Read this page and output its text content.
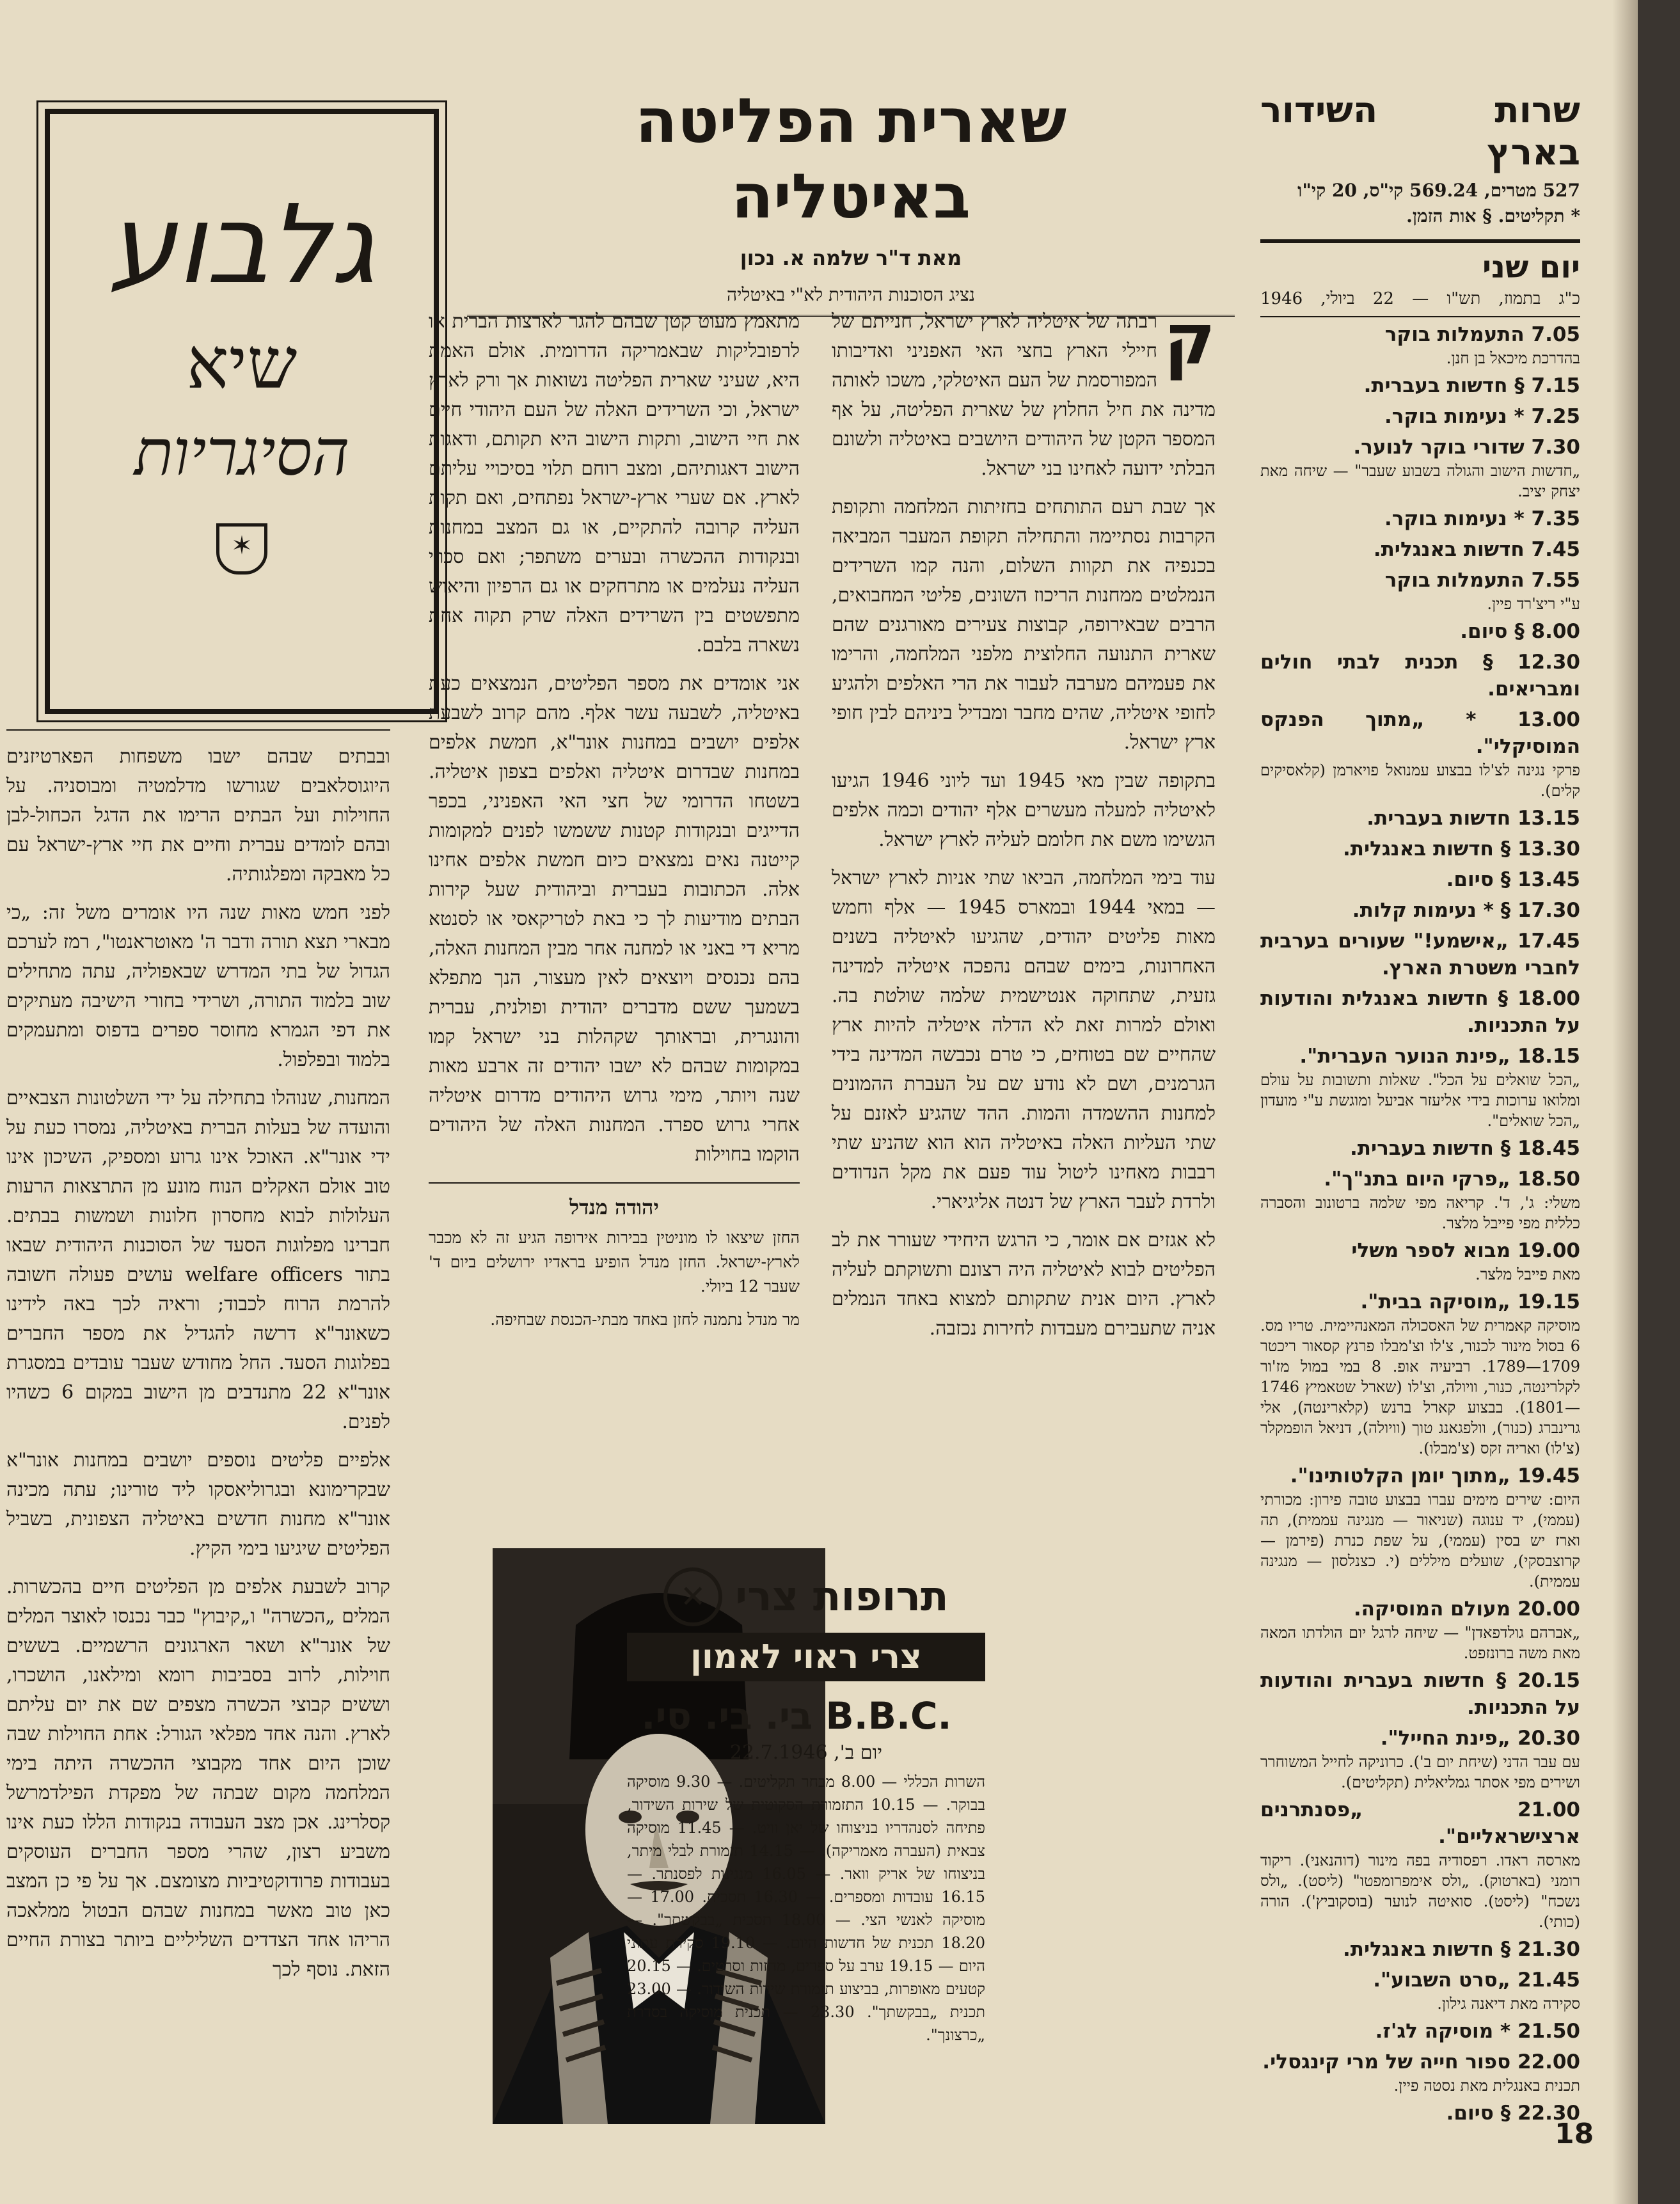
שרות השידור בארץ
527 מטרים, 569.24 קי"ס, 20 קי"ו
* תקליטים. § אות הזמן.
יום שני
כ"ג בתמוז, תש"ו — 22 ביולי, 1946
7.05 התעמלות בוקר
בהדרכת מיכאל בן חנן.
7.15 § חדשות בעברית.
7.25 * נעימות בוקר.
7.30 שדורי בוקר לנוער.
„חדשות הישוב והגולה בשבוע שעבר" — שיחה מאת יצחק יציב.
7.35 * נעימות בוקר.
7.45 חדשות באנגלית.
7.55 התעמלות בוקר
ע"י ריצ'רד פיין.
8.00 § סיום.
12.30 § תכנית לבתי חולים ומבריאים.
13.00 * „מתוך הפנקס המוסיקלי".
פרקי נגינה לצ'לו בבצוע עמנואל פויארמן (קלאסיקים קלים).
13.15 חדשות בעברית.
13.30 § חדשות באנגלית.
13.45 § סיום.
17.30 § * נעימות קלות.
17.45 „אישמע!" שעורים בערבית לחברי משטרת הארץ.
18.00 § חדשות באנגלית והודעות על התכניות.
18.15 „פינת הנוער העברית".
„הכל שואלים על הכל". שאלות ותשובות על עולם ומלואו ערוכות בידי אליעזר אביעל ומוגשת ע"י מועדון „הכל שואלים".
18.45 § חדשות בעברית.
18.50 „פרקי היום בתנ"ך".
משלי: ג', ד'. קריאה מפי שלמה ברטונוב והסברה כללית מפי פייבל מלצר.
19.00 מבוא לספר משלי
מאת פייבל מלצר.
19.15 „מוסיקה בבית".
מוסיקה קאמרית של האסכולה המאנהיימית. טריו מס. 6 בסול מינור לכנור, צ'לו וצ'מבלו פרנץ קסאור ריכטר 1709—1789. רביעיה אופ. 8 במי במול מז'ור לקלרינטה, כנור, וויולה, וצ'לו (שארל שטאמיץ 1746—1801). בבצוע קארל ברנש (קלארינטה), אלי גרינברג (כנור), וולפגאנג טוך (וויולה), דניאל הופמקלר (צ'לו) ואריה זקס (צ'מבלו).
19.45 „מתוך יומן הקלטותינו".
היום: שירים מימים עברו בבצוע טובה פירון: מכורתי (עממי), יד ענוגה (שניאור — מנגינה עממית), תה וארז יש בסין (עממי), על שפת כנרת (פירמן — קרוצבסקי), שועלים מיללים (י. כצנלסון — מנגינה עממית).
20.00 מעולם המוסיקה.
„אברהם גולדפאדן" — שיחה לרגל יום הולדתו המאה מאת משה ברונזפט.
20.15 § חדשות בעברית והודעות על התכניות.
20.30 „פינת החייל".
עם עבר הדני (שיחת יום ב'). כרוניקה לחייל המשוחרר ושירים מפי אסתר גמליאלית (תקליטים).
21.00 „פסנתרנים ארצישראליים".
מארסה ראדו. רפסודיה בפה מינור (דוהנאני). ריקוד רומני (בארטוק). „ולס אימפרומפטו" (ליסט). „ולס נשכח" (ליסט). סואיטה לנוער (בוסקוביץ'). הורה (כותי).
21.30 § חדשות באנגלית.
21.45 „סרט השבוע".
סקירה מאת דיאנה גילון.
21.50 * מוסיקה לג'ז.
22.00 ספור חייה של מרי קינגסלי.
תכנית באנגלית מאת נסטה פיין.
22.30 § סיום.
18
שארית הפליטה
באיטליה
מאת ד"ר שלמה א. נכון
נציג הסוכנות היהודית לא"י באיטליה
ק

רבתה של איטליה לארץ ישראל, חנייתם של חיילי הארץ בחצי האי האפניני ואדיבותו המפורסמת של העם האיטלקי, משכו לאותה מדינה את חיל החלוץ של שארית הפליטה, על אף המספר הקטן של היהודים היושבים באיטליה ולשונם הבלתי ידועה לאחינו בני ישראל.

אך שבת רעם התותחים בחזיתות המלחמה ותקופת הקרבות נסתיימה והתחילה תקופת המעבר המביאה בכנפיה את תקוות השלום, והנה קמו השרידים הנמלטים ממחנות הריכוז השונים, פליטי המחבואים, הרבים שבאירופה, קבוצות צעירים מאורגנים שהם שארית התנועה החלוצית מלפני המלחמה, והרימו את פעמיהם מערבה לעבור את הרי האלפים ולהגיע לחופי איטליה, שהים מחבר ומבדיל ביניהם לבין חופי ארץ ישראל.

בתקופה שבין מאי 1945 ועד ליוני 1946 הגיעו לאיטליה למעלה מעשרים אלף יהודים וכמה אלפים הגשימו משם את חלומם לעליה לארץ ישראל.

עוד בימי המלחמה, הביאו שתי אניות לארץ ישראל — במאי 1944 ובמארס 1945 — אלף וחמש מאות פליטים יהודים, שהגיעו לאיטליה בשנים האחרונות, בימים שבהם נהפכה איטליה למדינה גזעית, שתחוקה אנטישמית שלמה שולטת בה. ואולם למרות זאת לא הדלה איטליה להיות ארץ שהחיים שם בטוחים, כי טרם נכבשה המדינה בידי הגרמנים, ושם לא נודע שם על העברת ההמונים למחנות ההשמדה והמות. ההד שהגיע לאזנם על שתי העליות האלה באיטליה הוא הוא שהניע שתי רבבות מאחינו ליטול עוד פעם את מקל הנדודים ולרדת לעבר הארץ של דנטה אליגיארי.

לא אגזים אם אומר, כי הרגש היחידי שעורר את לב הפליטים לבוא לאיטליה היה רצונם ותשוקתם לעליה לארץ. היום אנית שתקותם למצוא באחד הנמלים אניה שתעבירם מעבדות לחירות נכזבה.

מתאמץ מעוט קטן שבהם להגר לארצות הברית או לרפובליקות שבאמריקה הדרומית. אולם האמת היא, שעיני שארית הפליטה נשואות אך ורק לארץ ישראל, וכי השרידים האלה של העם היהודי חיים את חיי הישוב, ותקות הישוב היא תקותם, ודאגות הישוב דאגותיהם, ומצב רוחם תלוי בסיכויי עליתם לארץ. אם שערי ארץ-ישראל נפתחים, ואם תקות העליה קרובה להתקיים, או גם המצב במחנות ובנקודות ההכשרה ובערים משתפר; ואם סכויי העליה נעלמים או מתרחקים או גם הרפיון והיאוש מתפשטים בין השרידים האלה שרק תקוה אחת נשארה בלבם.

אני אומדים את מספר הפליטים, הנמצאים כעת באיטליה, לשבעה עשר אלף. מהם קרוב לשבעת אלפים יושבים במחנות אונר"א, חמשת אלפים במחנות שבדרום איטליה ואלפים בצפון איטליה. בשטחו הדרומי של חצי האי האפניני, בכפר הדייגים ובנקודות קטנות ששמשו לפנים למקומות קייטנה נאים נמצאים כיום חמשת אלפים אחינו אלה. הכתובות בעברית וביהודית שעל קירות הבתים מודיעות לך כי באת לטריקאסי או לסנטא מריא די באני או למחנה אחר מבין המחנות האלה, בהם נכנסים ויוצאים לאין מעצור, הנך מתפלא בשמעך ששם מדברים יהודית ופולנית, עברית והונגרית, ובראותך שקהלות בני ישראל קמו במקומות שבהם לא ישבו יהודים זה ארבע מאות שנה ויותר, מימי גרוש היהודים מדרום איטליה אחרי גרוש ספרד. המחנות האלה של היהודים הוקמו בחוילות

יהודה מנדל

החזן שיצאו לו מוניטין בבירות אירופה הגיע זה לא מכבר לארץ-ישראל. החזן מנדל הופיע בראדיו ירושלים ביום ד' שעבר 12 ביולי.

מר מנדל נתמנה לחזן באחד מבתי-הכנסת שבחיפה.

תרופות צרי
✕
צרי ראוי לאמון
B.B.C. בי. בי. סי.
יום ב', 22.7.1946
השרות הכללי — 8.00 מבחר תקליטים. — 9.30 מוסיקה בבוקר. — 10.15 התזמורת הסקוטית של שירות השידור, פתיחה לסנהדריו בניצוחו של יאן וויט. — 11.45 מוסיקה צבאית (העברה מאמריקה). — 14.15 תזמורת לבלי מיתר, בניצוחו של אריק וואר. — 16.05 מנגינות לפסנתר. — 16.15 עובדות ומספרים. — 16.30 תסכית. 17.00 — מוסיקה לאנשי הצי. — 18.00 תסכית „בבקשתך". — 18.20 תכנית של חדשות היום. — 19.10 סקירת עתוני היום — 19.15 ערב על ספרים, מחזות וסרטים. — 20.15 קטעים מאופרות, בביצוע תזמורת שירות השידור. — 23.00 תכנית „בבקשתך". 23.30 — תכנית מוסיקה בסדרת „כרצונך".
גלבוע
שיא
הסיגריות
✶

ובבתים שבהם ישבו משפחות הפארטיזנים היוגוסלאבים שגורשו מדלמטיה ומבוסניה. על החוילות ועל הבתים הרימו את הדגל הכחול-לבן ובהם לומדים עברית וחיים את חיי ארץ-ישראל עם כל מאבקה ומפלגותיה.

לפני חמש מאות שנה היו אומרים משל זה: „כי מבארי תצא תורה ודבר ה' מאוטראנטו", רמז לערכם הגדול של בתי המדרש שבאפוליה, עתה מתחילים שוב בלמוד התורה, ושרידי בחורי הישיבה מעתיקים את דפי הגמרא מחוסר ספרים בדפוס ומתעמקים בלמוד ובפלפול.

המחנות, שנוהלו בתחילה על ידי השלטונות הצבאיים והועדה של בעלות הברית באיטליה, נמסרו כעת על ידי אונר"א. האוכל אינו גרוע ומספיק, השיכון אינו טוב אולם האקלים הנוח מונע מן התרצאות הרעות העלולות לבוא מחסרון חלונות ושמשות בבתים. חברינו מפלוגות הסעד של הסוכנות היהודית שבאו בתור welfare officers עושים פעולה חשובה להרמת הרוח לכבוד; וראיה לכך באה לידינו כשאונר"א דרשה להגדיל את מספר החברים בפלוגות הסעד. החל מחודש שעבר עובדים במסגרת אונר"א 22 מתנדבים מן הישוב במקום 6 כשהיו לפנים.

אלפיים פליטים נוספים יושבים במחנות אונר"א שבקרימונא ובגרוליאסקו ליד טורינו; עתה מכינה אונר"א מחנות חדשים באיטליה הצפונית, בשביל הפליטים שיגיעו בימי הקיץ.

קרוב לשבעת אלפים מן הפליטים חיים בהכשרות. המלים „הכשרה" ו„קיבוץ" כבר נכנסו לאוצר המלים של אונר"א ושאר הארגונים הרשמיים. בששים חוילות, לרוב בסביבות רומא ומילאנו, הושכרו, וששים קבוצי הכשרה מצפים שם את יום עליתם לארץ. והנה אחד מפלאי הגורל: אחת החוילות שבה שוכן היום אחד מקבוצי ההכשרה היתה בימי המלחמה מקום שבתה של מפקדת הפילדמרשל קסלרינג. אכן מצב העבודה בנקודות הללו כעת אינו משביע רצון, שהרי מספר החברים העוסקים בעבודות פרודוקטיביות מצומצם. אך על פי כן המצב כאן טוב מאשר במחנות שבהם הבטול ממלאכה הריהו אחד הצדדים השליליים ביותר בצורת החיים הזאת. נוסף לכך
